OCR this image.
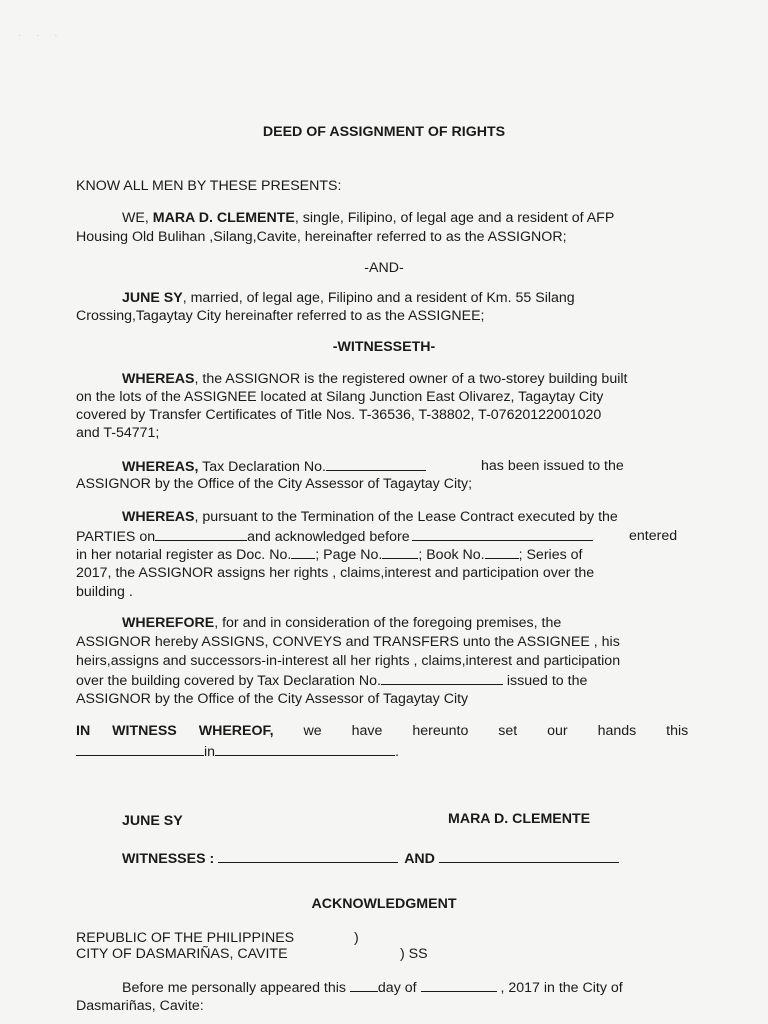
· · ·
DEED OF ASSIGNMENT OF RIGHTS
KNOW ALL MEN BY THESE PRESENTS:
WE, MARA D. CLEMENTE, single, Filipino, of legal age and a resident of AFP
Housing Old Bulihan ,Silang,Cavite, hereinafter referred to as the ASSIGNOR;
-AND-
JUNE SY, married, of legal age, Filipino and a resident of Km. 55 Silang
Crossing,Tagaytay City hereinafter referred to as the ASSIGNEE;
-WITNESSETH-
WHEREAS, the ASSIGNOR is the registered owner of a two-storey building built
on the lots of the ASSIGNEE located at Silang Junction East Olivarez, Tagaytay City
covered by Transfer Certificates of Title Nos. T-36536, T-38802, T-07620122001020
and T-54771;
WHEREAS, Tax Declaration No.	has been issued to the
ASSIGNOR by the Office of the City Assessor of Tagaytay City;
WHEREAS, pursuant to the Termination of the Lease Contract executed by the
PARTIES on	and acknowledged before	entered
in her notarial register as Doc. No. ; Page No.	; Book No. ; Series of
2017, the ASSIGNOR assigns her rights , claims,interest and participation over the
building .
WHEREFORE, for and in consideration of the foregoing premises, the
ASSIGNOR hereby ASSIGNS, CONVEYS and TRANSFERS unto the ASSIGNEE , his
heirs,assigns and successors-in-interest all her rights , claims,interest and participation
over the building covered by Tax Declaration No.	issued to the
ASSIGNOR by the Office of the City Assessor of Tagaytay City
IN WITNESS WHEREOF, we have hereunto set our hands this
in	.
JUNE SY	MARA D. CLEMENTE
WITNESSES :	AND
ACKNOWLEDGMENT
REPUBLIC OF THE PHILIPPINES	)
CITY OF DASMARIÑAS, CAVITE	) SS
Before me personally appeared this day of	, 2017 in the City of
Dasmariñas, Cavite:
